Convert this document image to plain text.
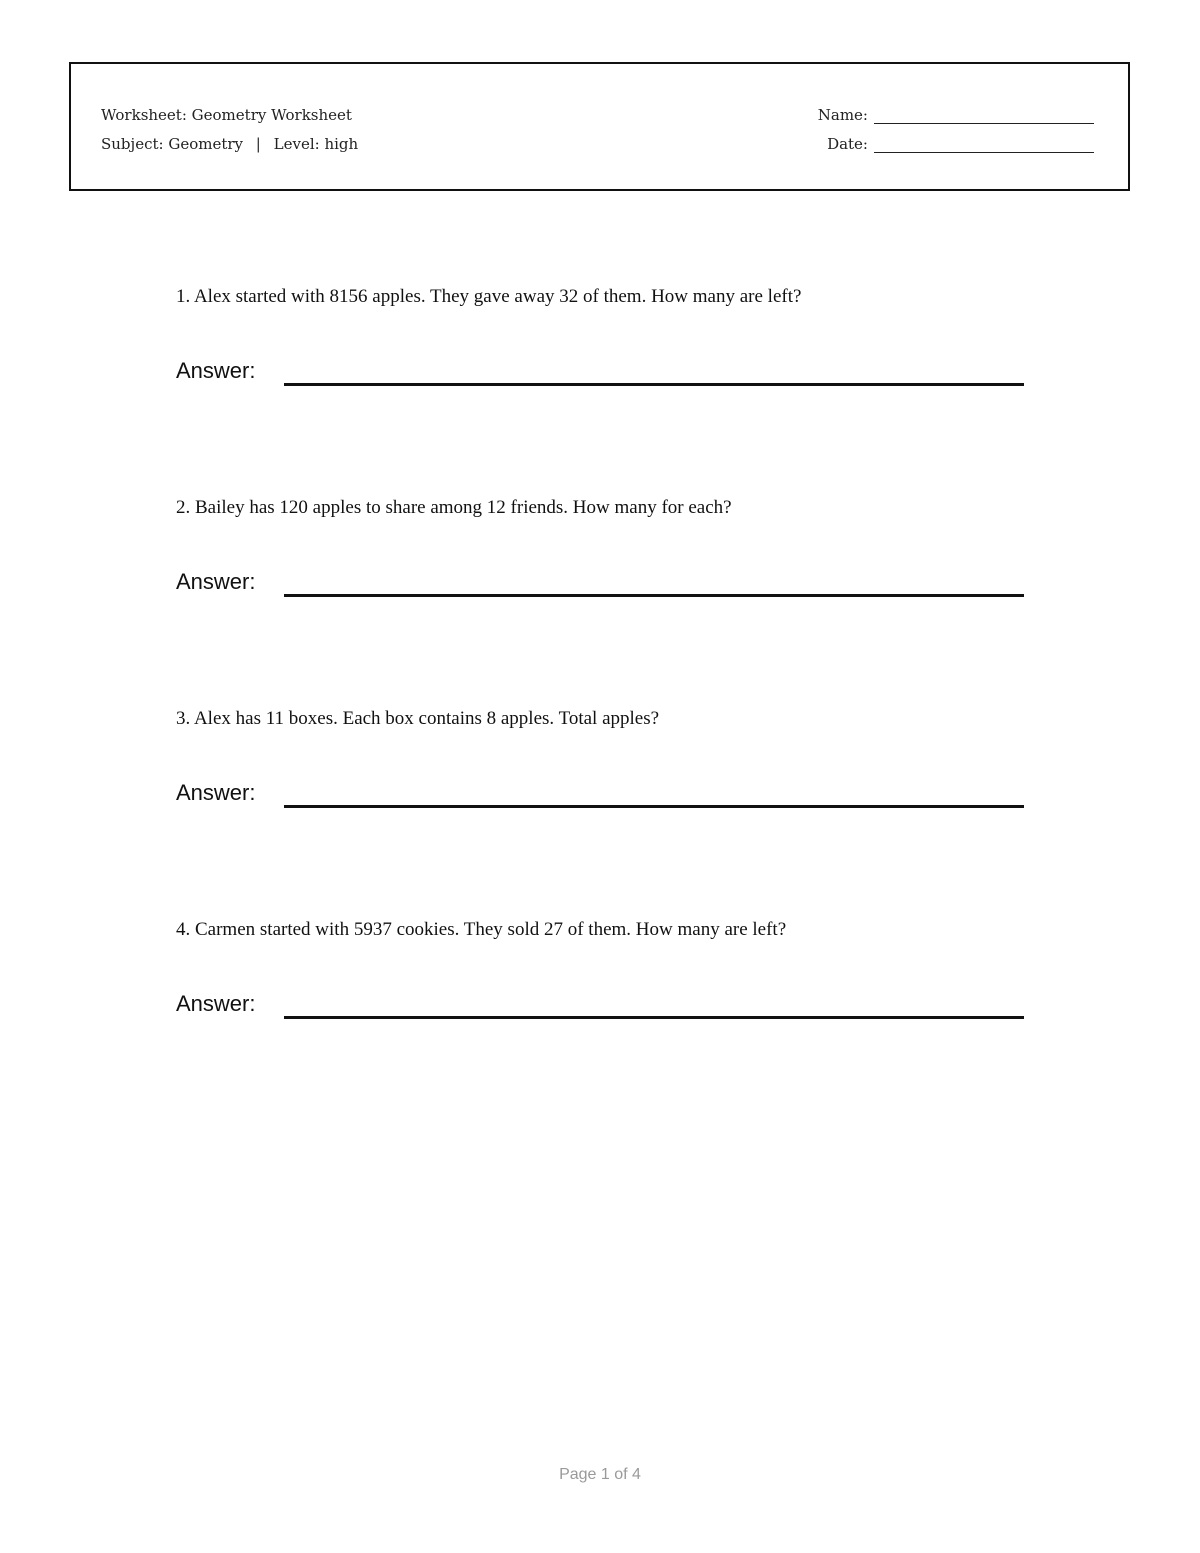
Worksheet: Geometry Worksheet
Subject: Geometry | Level: high
Name:
Date:
1. Alex started with 8156 apples. They gave away 32 of them. How many are left?
Answer:
2. Bailey has 120 apples to share among 12 friends. How many for each?
Answer:
3. Alex has 11 boxes. Each box contains 8 apples. Total apples?
Answer:
4. Carmen started with 5937 cookies. They sold 27 of them. How many are left?
Answer:
Page 1 of 4
